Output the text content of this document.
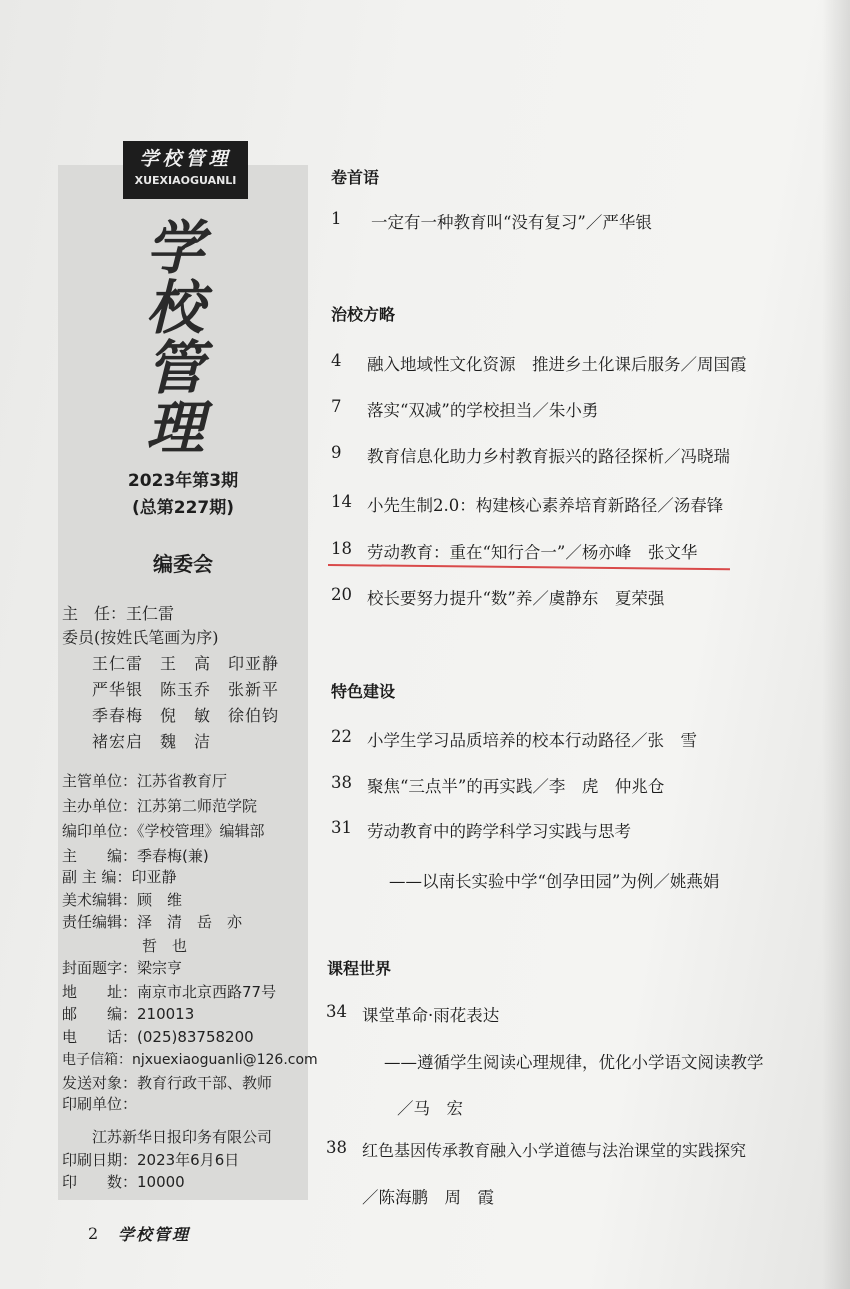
学校管理
XUEXIAOGUANLI
学
校
管
理
2023年第3期
(总第227期)
编委会
主　任：王仁雷
委员(按姓氏笔画为序)
王仁雷　王　高　印亚静
严华银　陈玉乔　张新平
季春梅　倪　敏　徐伯钧
褚宏启　魏　洁
主管单位：江苏省教育厅
主办单位：江苏第二师范学院
编印单位：《学校管理》编辑部
主　　编：季春梅(兼)
副 主 编：印亚静
美术编辑：顾　维
责任编辑：泽　清　岳　亦
哲　也
封面题字：梁宗亨
地　　址：南京市北京西路77号
邮　　编：210013
电　　话：(025)83758200
电子信箱：njxuexiaoguanli@126.com
发送对象：教育行政干部、教师
印刷单位：
江苏新华日报印务有限公司
印刷日期：2023年6月6日
印　　数：10000
卷首语
1 一定有一种教育叫“没有复习”／严华银
治校方略
4 融入地域性文化资源　推进乡土化课后服务／周国霞
7 落实“双减”的学校担当／朱小勇
9 教育信息化助力乡村教育振兴的路径探析／冯晓瑞
14 小先生制2.0：构建核心素养培育新路径／汤春锋
18 劳动教育：重在“知行合一”／杨亦峰　张文华
20 校长要努力提升“数”养／虞静东　夏荣强
特色建设
22 小学生学习品质培养的校本行动路径／张　雪
38 聚焦“三点半”的再实践／李　虎　仲兆仓
31 劳动教育中的跨学科学习实践与思考
——以南长实验中学“创孕田园”为例／姚燕娟
课程世界
34 课堂革命·雨花表达
——遵循学生阅读心理规律，优化小学语文阅读教学
／马　宏
38 红色基因传承教育融入小学道德与法治课堂的实践探究
／陈海鹏　周　霞
2 学校管理
